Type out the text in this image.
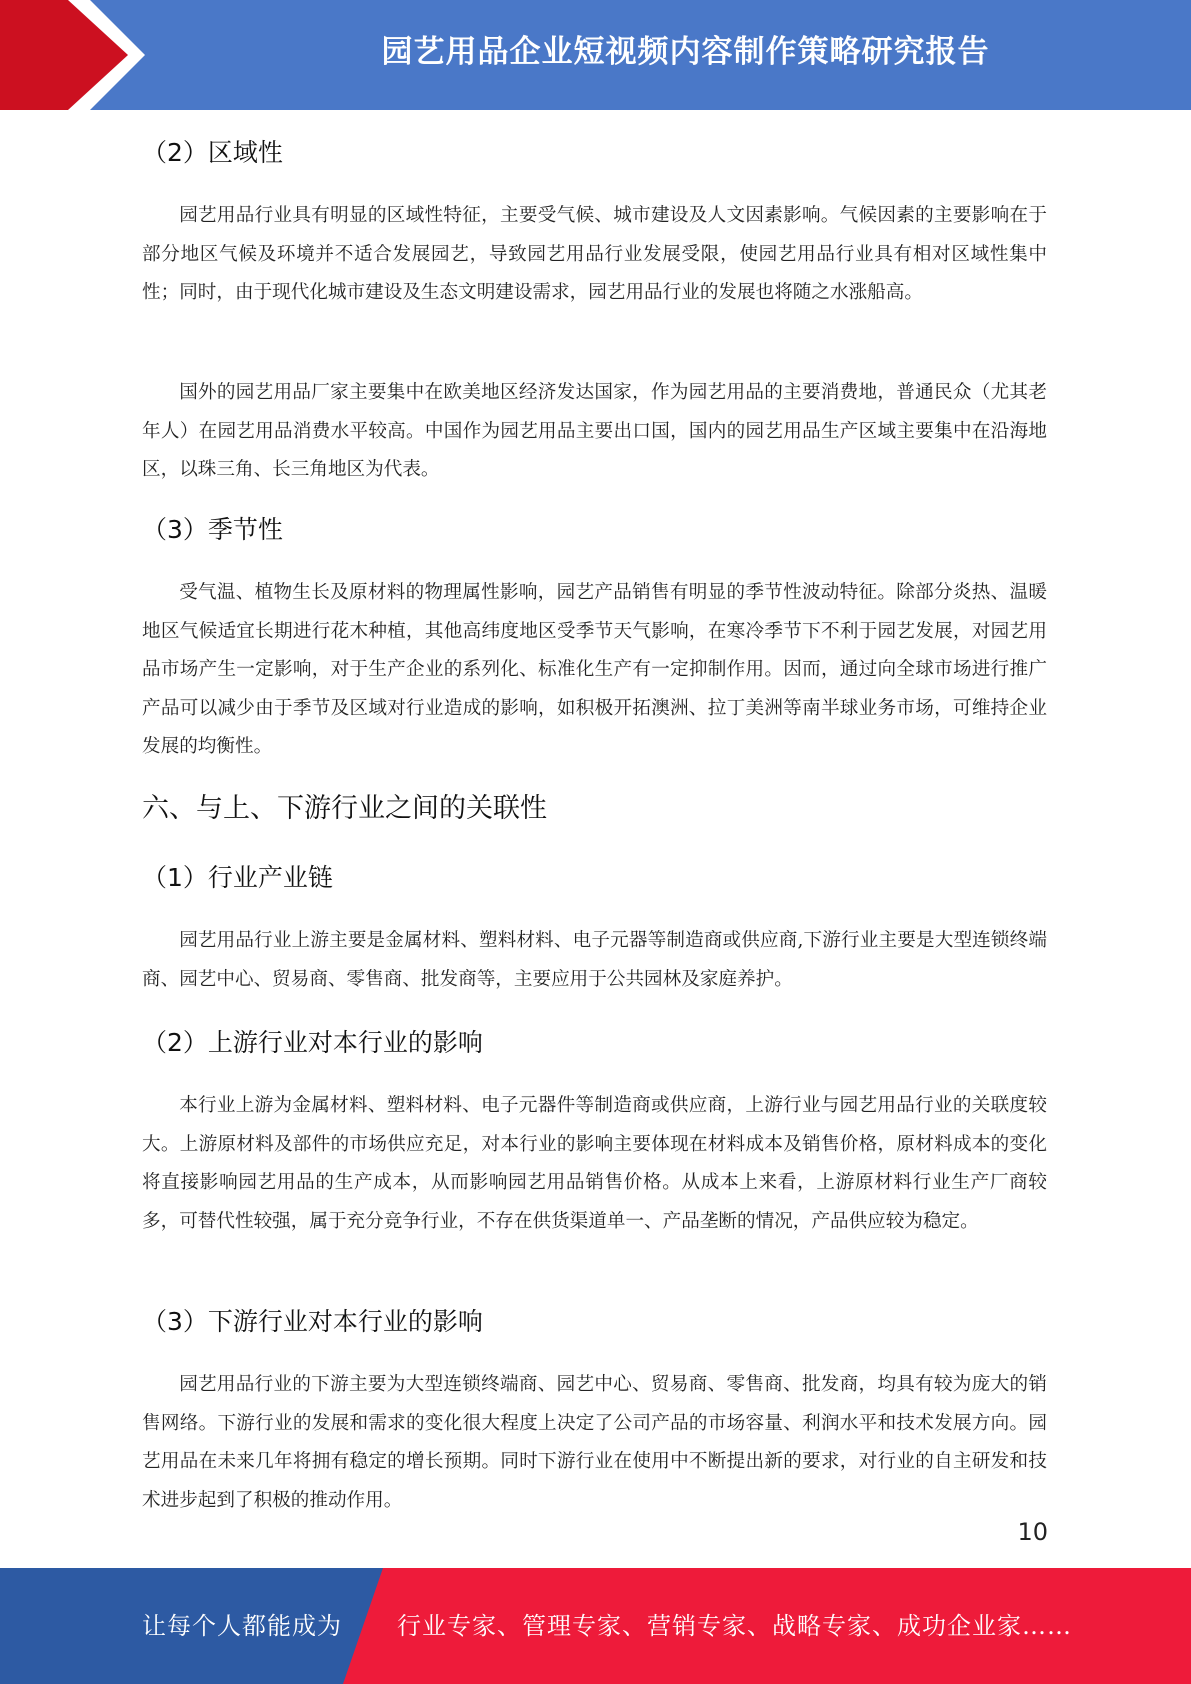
园艺用品企业短视频内容制作策略研究报告
（2）区域性

园艺用品行业具有明显的区域性特征，主要受气候、城市建设及人文因素影响。气候因素的主要影响在于部分地区气候及环境并不适合发展园艺，导致园艺用品行业发展受限，使园艺用品行业具有相对区域性集中性；同时，由于现代化城市建设及生态文明建设需求，园艺用品行业的发展也将随之水涨船高。

国外的园艺用品厂家主要集中在欧美地区经济发达国家，作为园艺用品的主要消费地，普通民众（尤其老年人）在园艺用品消费水平较高。中国作为园艺用品主要出口国，国内的园艺用品生产区域主要集中在沿海地区，以珠三角、长三角地区为代表。

（3）季节性

受气温、植物生长及原材料的物理属性影响，园艺产品销售有明显的季节性波动特征。除部分炎热、温暖地区气候适宜长期进行花木种植，其他高纬度地区受季节天气影响，在寒冷季节下不利于园艺发展，对园艺用品市场产生一定影响，对于生产企业的系列化、标准化生产有一定抑制作用。因而，通过向全球市场进行推广产品可以减少由于季节及区域对行业造成的影响，如积极开拓澳洲、拉丁美洲等南半球业务市场，可维持企业发展的均衡性。

六、与上、下游行业之间的关联性
（1）行业产业链

园艺用品行业上游主要是金属材料、塑料材料、电子元器等制造商或供应商,下游行业主要是大型连锁终端商、园艺中心、贸易商、零售商、批发商等，主要应用于公共园林及家庭养护。

（2）上游行业对本行业的影响

本行业上游为金属材料、塑料材料、电子元器件等制造商或供应商，上游行业与园艺用品行业的关联度较大。上游原材料及部件的市场供应充足，对本行业的影响主要体现在材料成本及销售价格，原材料成本的变化将直接影响园艺用品的生产成本，从而影响园艺用品销售价格。从成本上来看，上游原材料行业生产厂商较多，可替代性较强，属于充分竞争行业，不存在供货渠道单一、产品垄断的情况，产品供应较为稳定。

（3）下游行业对本行业的影响

园艺用品行业的下游主要为大型连锁终端商、园艺中心、贸易商、零售商、批发商，均具有较为庞大的销售网络。下游行业的发展和需求的变化很大程度上决定了公司产品的市场容量、利润水平和技术发展方向。园艺用品在未来几年将拥有稳定的增长预期。同时下游行业在使用中不断提出新的要求，对行业的自主研发和技术进步起到了积极的推动作用。

10
让每个人都能成为 行业专家、管理专家、营销专家、战略专家、成功企业家……
